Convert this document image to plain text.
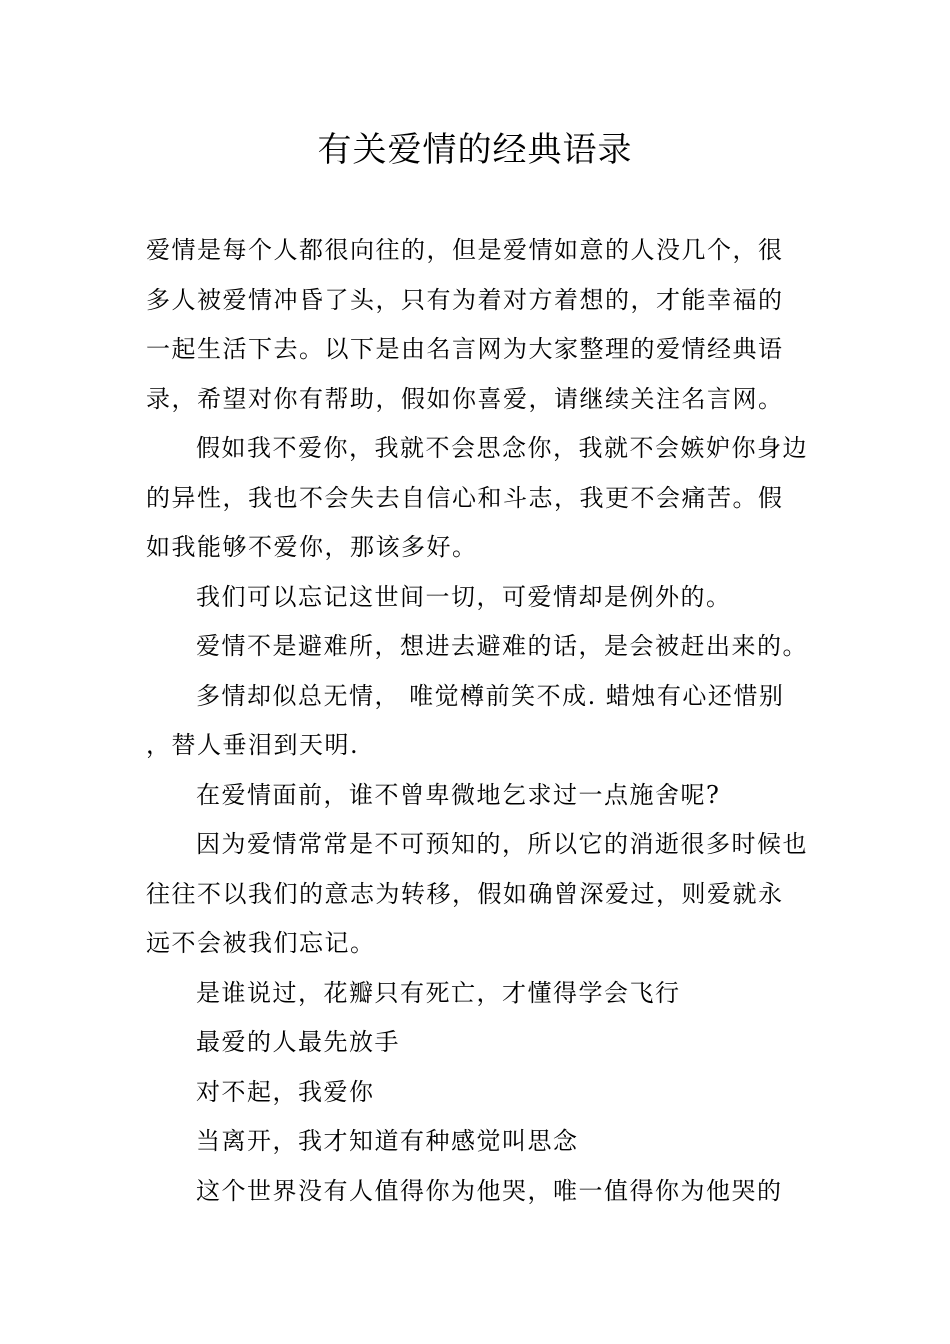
有关爱情的经典语录

爱情是每个人都很向往的，但是爱情如意的人没几个，很多人被爱情冲昏了头，只有为着对方着想的，才能幸福的一起生活下去。以下是由名言网为大家整理的爱情经典语录，希望对你有帮助，假如你喜爱，请继续关注名言网。

假如我不爱你，我就不会思念你，我就不会嫉妒你身边的异性，我也不会失去自信心和斗志，我更不会痛苦。假如我能够不爱你，那该多好。

我们可以忘记这世间一切，可爱情却是例外的。

爱情不是避难所，想进去避难的话，是会被赶出来的。

多情却似总无情， 唯觉樽前笑不成. 蜡烛有心还惜别 ，替人垂泪到天明.

在爱情面前，谁不曾卑微地乞求过一点施舍呢?

因为爱情常常是不可预知的，所以它的消逝很多时候也往往不以我们的意志为转移，假如确曾深爱过，则爱就永远不会被我们忘记。

是谁说过，花瓣只有死亡，才懂得学会飞行

最爱的人最先放手

对不起，我爱你

当离开，我才知道有种感觉叫思念

这个世界没有人值得你为他哭，唯一值得你为他哭的
